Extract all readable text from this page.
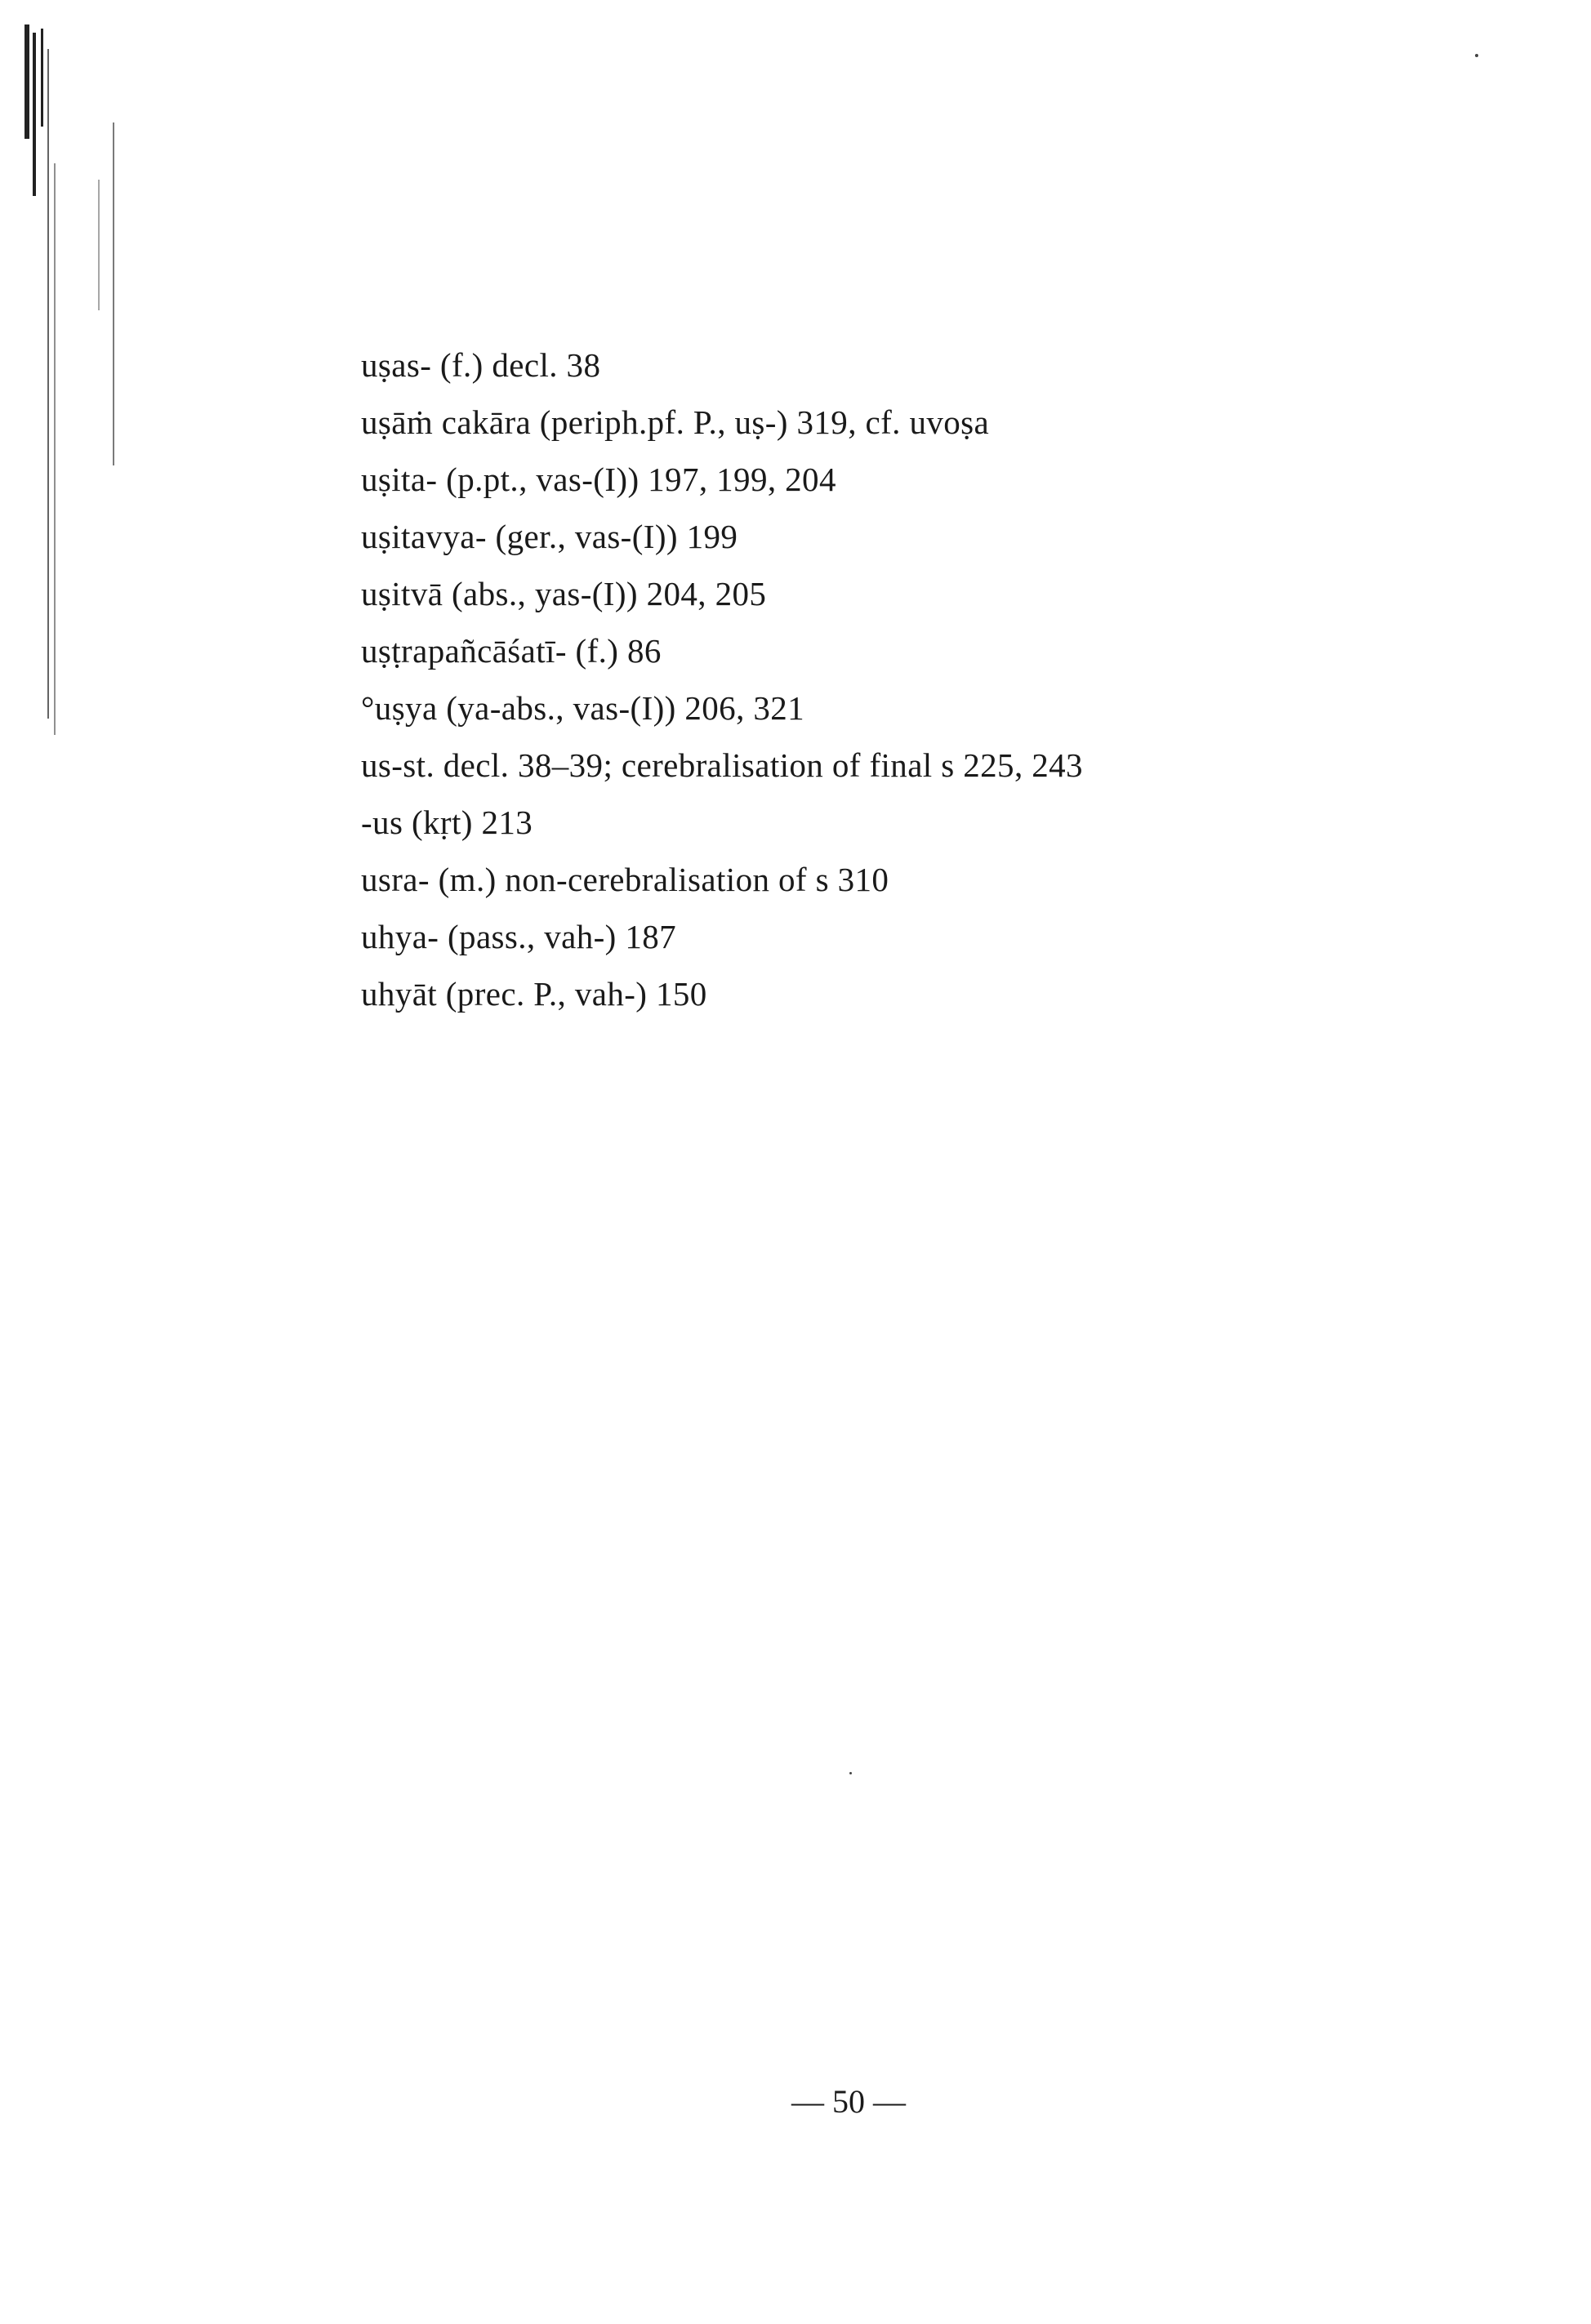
uṣas- (f.) decl. 38
uṣāṁ cakāra (periph.pf. P., uṣ-) 319, cf. uvoṣa
uṣita- (p.pt., vas-(I)) 197, 199, 204
uṣitavya- (ger., vas-(I)) 199
uṣitvā (abs., yas-(I)) 204, 205
uṣṭrapañcāśatī- (f.) 86
°uṣya (ya-abs., vas-(I)) 206, 321
us-st. decl. 38–39; cerebralisation of final s 225, 243
-us (kṛt) 213
usra- (m.) non-cerebralisation of s 310
uhya- (pass., vah-) 187
uhyāt (prec. P., vah-) 150
— 50 —
